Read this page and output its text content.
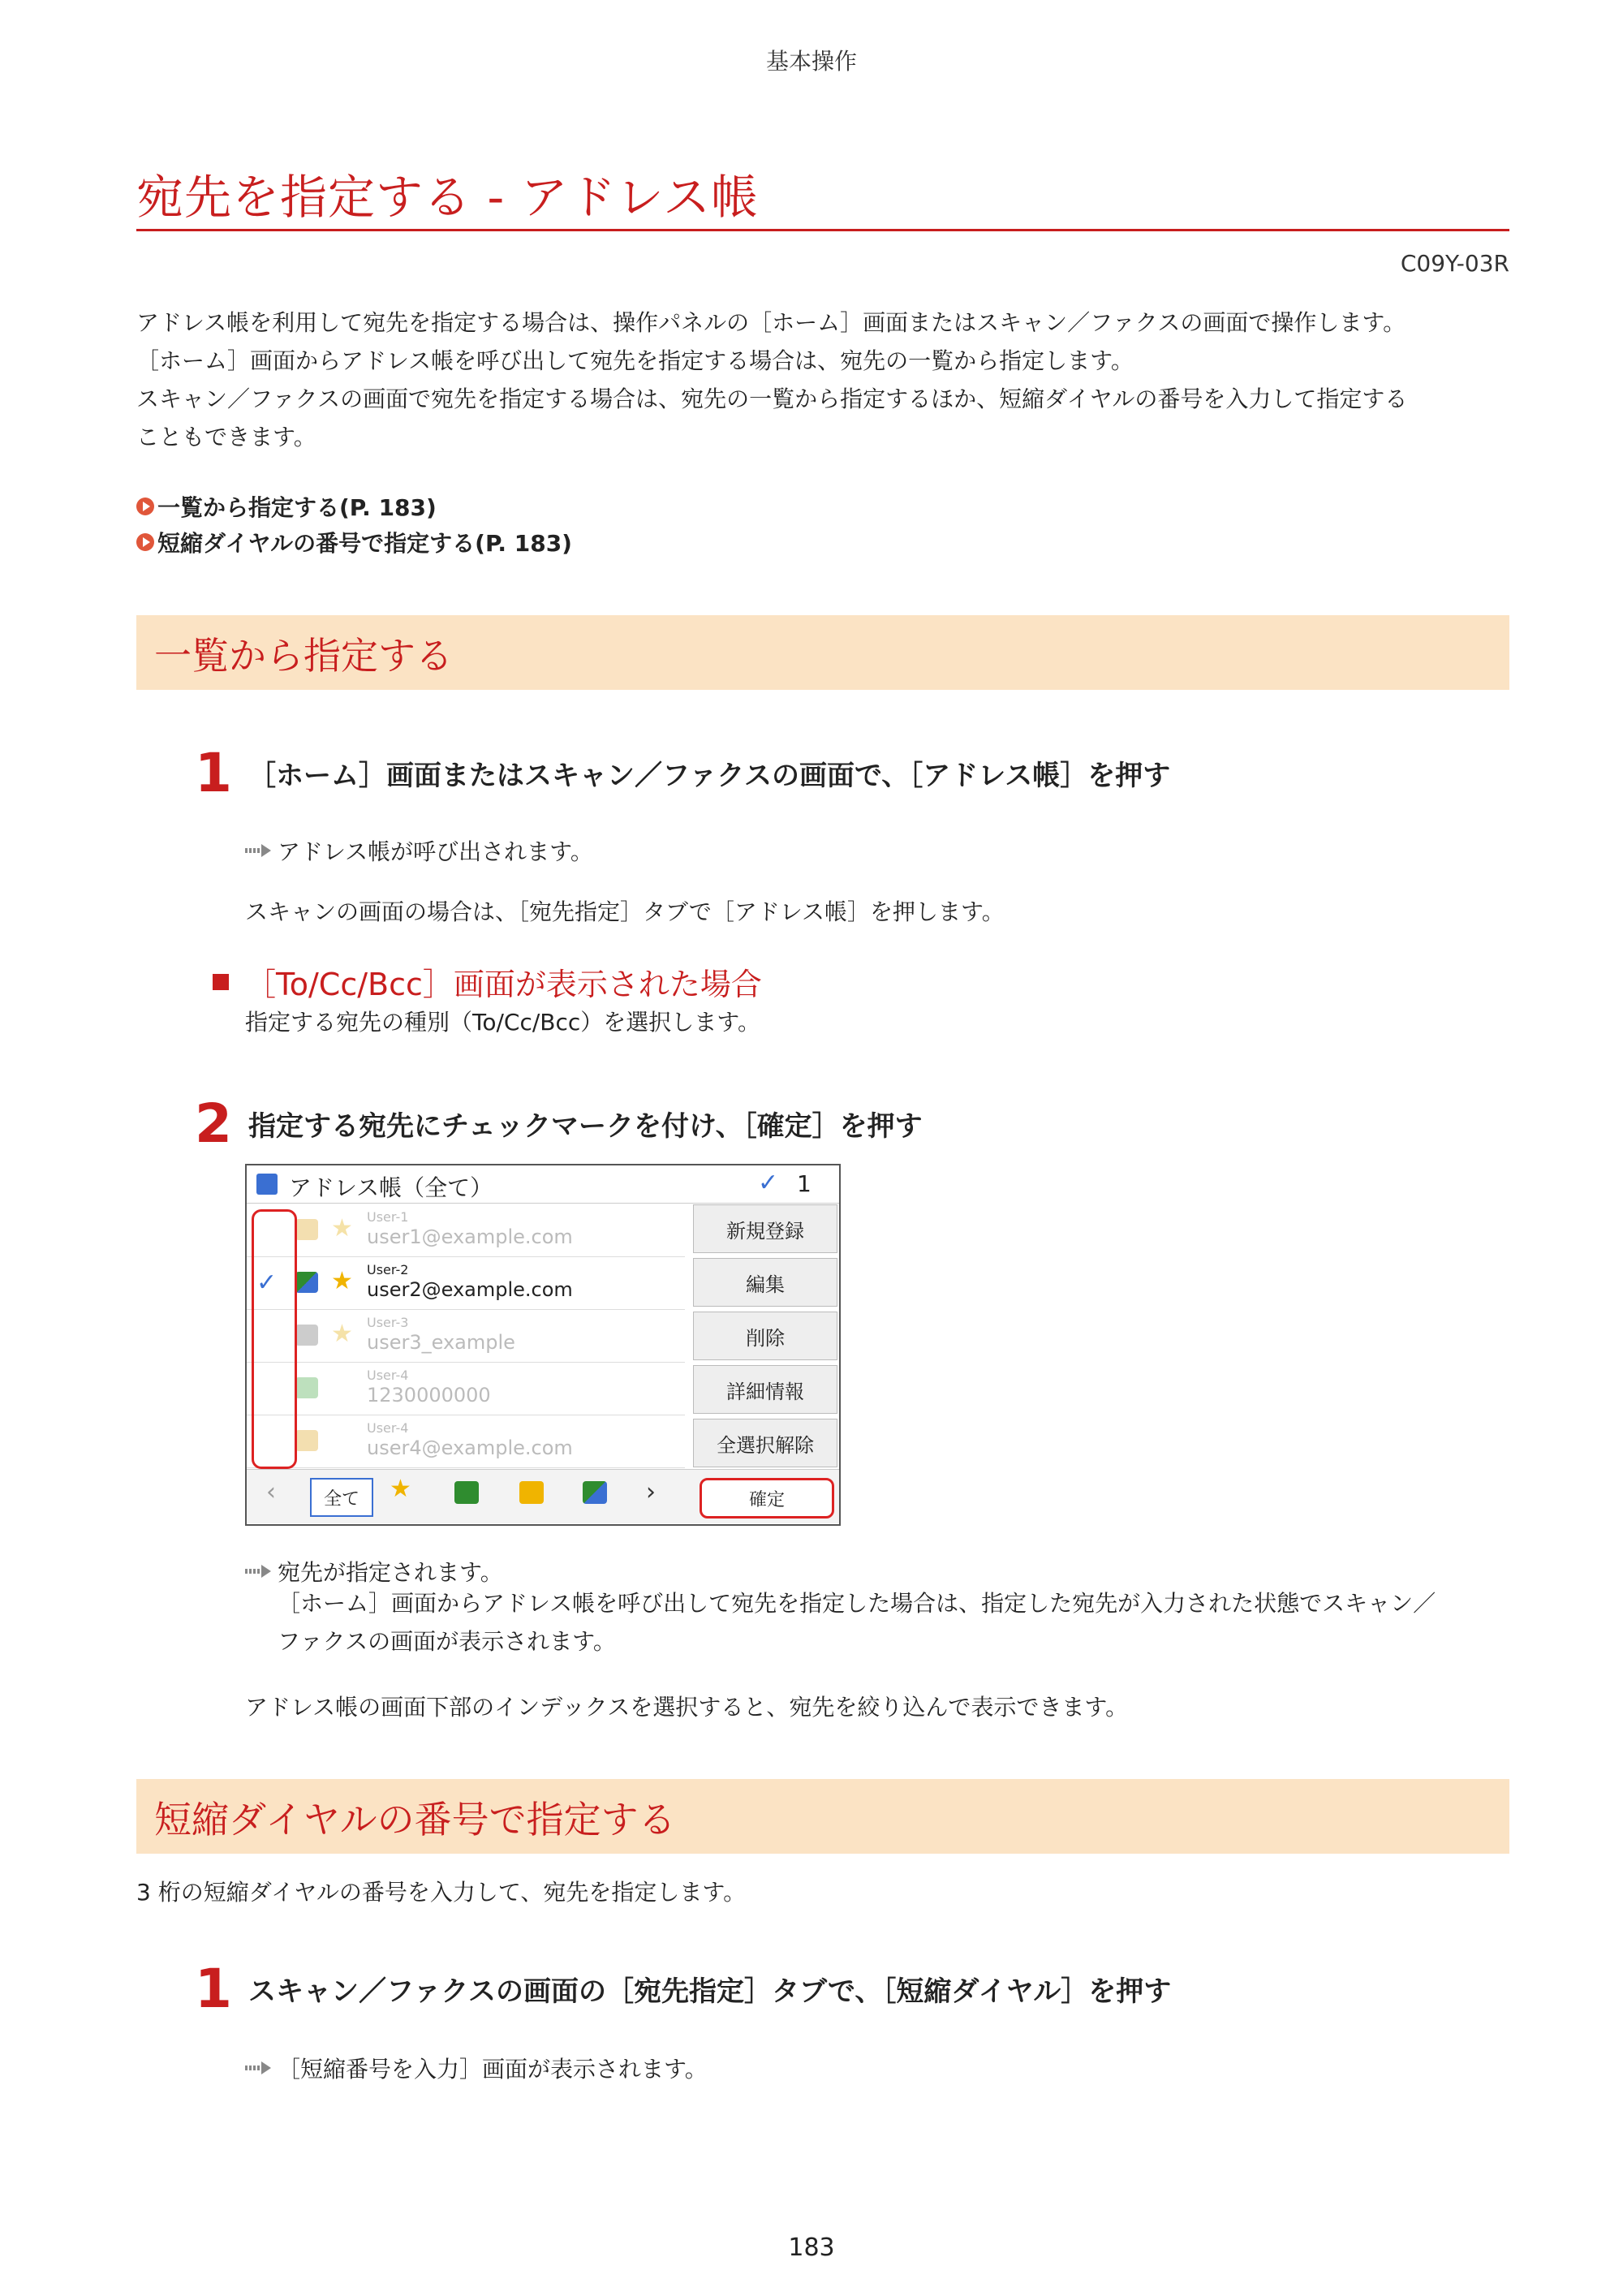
基本操作
宛先を指定する - アドレス帳
C09Y-03R
アドレス帳を利用して宛先を指定する場合は、操作パネルの［ホーム］画面またはスキャン／ファクスの画面で操作します。
［ホーム］画面からアドレス帳を呼び出して宛先を指定する場合は、宛先の一覧から指定します。
スキャン／ファクスの画面で宛先を指定する場合は、宛先の一覧から指定するほか、短縮ダイヤルの番号を入力して指定する
こともできます。
一覧から指定する(P. 183)
短縮ダイヤルの番号で指定する(P. 183)
一覧から指定する
1 ［ホーム］画面またはスキャン／ファクスの画面で、［アドレス帳］を押す
アドレス帳が呼び出されます。
スキャンの画面の場合は、［宛先指定］タブで［アドレス帳］を押します。
［To/Cc/Bcc］画面が表示された場合
指定する宛先の種別（To/Cc/Bcc）を選択します。
2 指定する宛先にチェックマークを付け、［確定］を押す
アドレス帳（全て）	✓ 1
★ User-1
user1@example.com
✓ ★ User-2
user2@example.com
★ User-3
user3_example
User-4
1230000000
User-4
user4@example.com
新規登録
編集
削除
詳細情報
全選択解除
‹	全て	★	›	確定
宛先が指定されます。
［ホーム］画面からアドレス帳を呼び出して宛先を指定した場合は、指定した宛先が入力された状態でスキャン／
ファクスの画面が表示されます。
アドレス帳の画面下部のインデックスを選択すると、宛先を絞り込んで表示できます。
短縮ダイヤルの番号で指定する
3 桁の短縮ダイヤルの番号を入力して、宛先を指定します。
1 スキャン／ファクスの画面の［宛先指定］タブで、［短縮ダイヤル］を押す
［短縮番号を入力］画面が表示されます。
183
